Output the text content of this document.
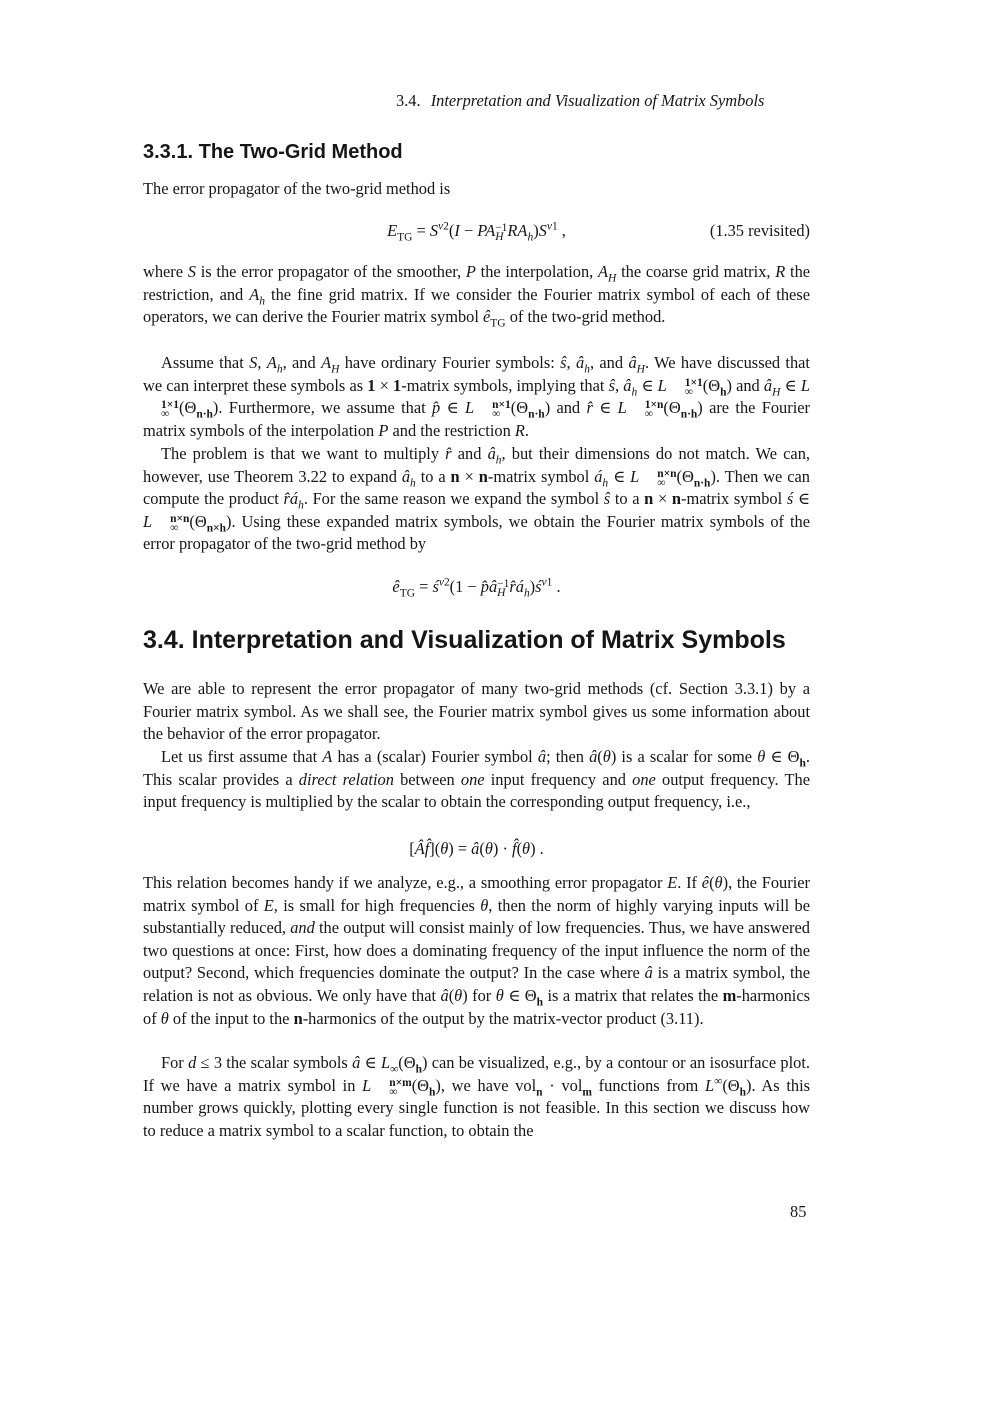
3.4. Interpretation and Visualization of Matrix Symbols
3.3.1. The Two-Grid Method

The error propagator of the two-grid method is

$E_{TG} = S^{\nu 2}(I$ − PA −1
H $RA_h)S^{\nu 1}$ ,	(1.35 revisited)

where S is the error propagator of the smoother, P the interpolation, $A_H$ the coarse grid matrix, R the restriction, and $A_h$ the fine grid matrix. If we consider the Fourier matrix symbol of each of these operators, we can derive the Fourier matrix symbol $ê_{TG}$ of the two-grid method.

Assume that S, $A_h$, and $A_H$ have ordinary Fourier symbols: ŝ, $â_h$, and $â_H$. We have discussed that we can interpret these symbols as 1 × 1-matrix symbols, implying that ŝ, $â_h$ ∈ L	1×1
∞ $(\Theta_h)$ and $â_H$ ∈ L
1×1
∞ $(\Theta_{n\cdot h})$. Furthermore, we assume that p̂ ∈ L	n×1
∞ $(\Theta_{n\cdot h})$ and r̂ ∈ L	1×n
∞ $(\Theta_{n\cdot h})$ are the Fourier matrix symbols of the interpolation P and the restriction R.

The problem is that we want to multiply r̂ and $â_h$, but their dimensions do not match. We can, however, use Theorem 3.22 to expand $â_h$ to a n × n-matrix symbol $á_h$ ∈ L	n×n
∞ $(\Theta_{n\cdot h})$. Then we can compute the product $r̂á_h$. For the same reason we expand the symbol ŝ to a n × n-matrix symbol ś ∈ L	n×n
∞ $(\Theta_{n\times h})$. Using these expanded matrix symbols, we obtain the Fourier matrix symbols of the error propagator of the two-grid method by

$ê_{TG}$ = $ś^{\nu 2}(1$ − p̂â −1
H $r̂á_h)ś^{\nu 1}$ .
3.4. Interpretation and Visualization of Matrix Symbols

We are able to represent the error propagator of many two-grid methods (cf. Section 3.3.1) by a Fourier matrix symbol. As we shall see, the Fourier matrix symbol gives us some information about the behavior of the error propagator.

Let us first assume that A has a (scalar) Fourier symbol â; then â(θ) is a scalar for some θ ∈ $\Theta_h$. This scalar provides a direct relation between one input frequency and one output frequency. The input frequency is multiplied by the scalar to obtain the corresponding output frequency, i.e.,

[Âf̂](θ) = â(θ) · f̂(θ) .

This relation becomes handy if we analyze, e.g., a smoothing error propagator E. If ê(θ), the Fourier matrix symbol of E, is small for high frequencies θ, then the norm of highly varying inputs will be substantially reduced, and the output will consist mainly of low frequencies. Thus, we have answered two questions at once: First, how does a dominating frequency of the input influence the norm of the output? Second, which frequencies dominate the output? In the case where â is a matrix symbol, the relation is not as obvious. We only have that â(θ) for θ ∈ $\Theta_h$ is a matrix that relates the m-harmonics of θ of the input to the n-harmonics of the output by the matrix-vector product (3.11).

For d ≤ 3 the scalar symbols â ∈ $L_\infty(\Theta_h)$ can be visualized, e.g., by a contour or an isosurface plot. If we have a matrix symbol in L	n×m
∞ $(\Theta_h)$, we have vol$_n$ · vol$_m$ functions from $L^\infty(\Theta_h)$. As this number grows quickly, plotting every single function is not feasible. In this section we discuss how to reduce a matrix symbol to a scalar function, to obtain the

85
